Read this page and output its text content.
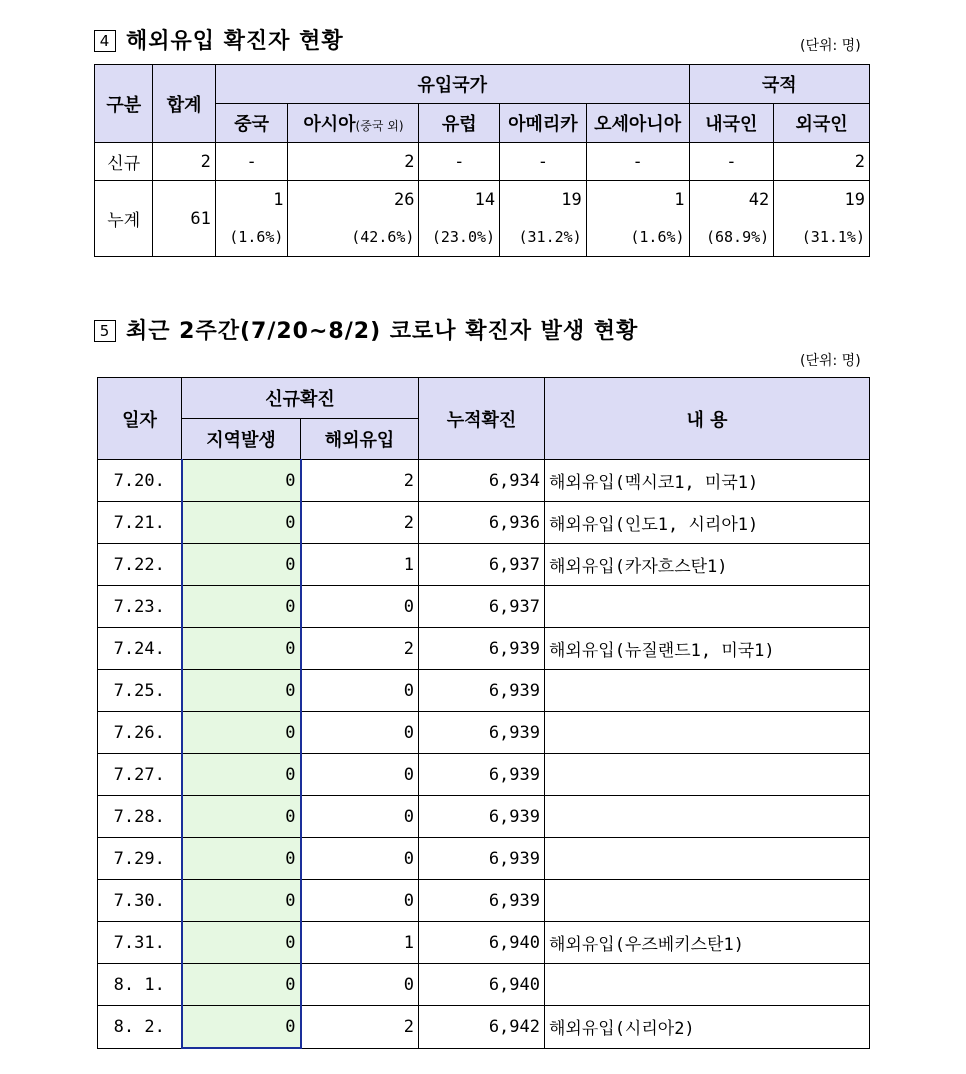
4 해외유입 확진자 현황	(단위: 명)
구분	합계	유입국가					국적	
		중국	아시아(중국 외)	유럽	아메리카	오세아니아	내국인	외국인
신규	2	-	2	-	-	-	-	2
누계	61	1	26	14	19	1	42	19
		(1.6%)	(42.6%)	(23.0%)	(31.2%)	(1.6%)	(68.9%)	(31.1%)
5 최근 2주간(7/20~8/2) 코로나 확진자 발생 현황
(단위: 명)
일자	신규확진		누적확진	내 용
	지역발생	해외유입		
7.20.	0	2	6,934	해외유입(멕시코1, 미국1)
7.21.	0	2	6,936	해외유입(인도1, 시리아1)
7.22.	0	1	6,937	해외유입(카자흐스탄1)
7.23.	0	0	6,937	
7.24.	0	2	6,939	해외유입(뉴질랜드1, 미국1)
7.25.	0	0	6,939	
7.26.	0	0	6,939	
7.27.	0	0	6,939	
7.28.	0	0	6,939	
7.29.	0	0	6,939	
7.30.	0	0	6,939	
7.31.	0	1	6,940	해외유입(우즈베키스탄1)
8. 1.	0	0	6,940	
8. 2.	0	2	6,942	해외유입(시리아2)
